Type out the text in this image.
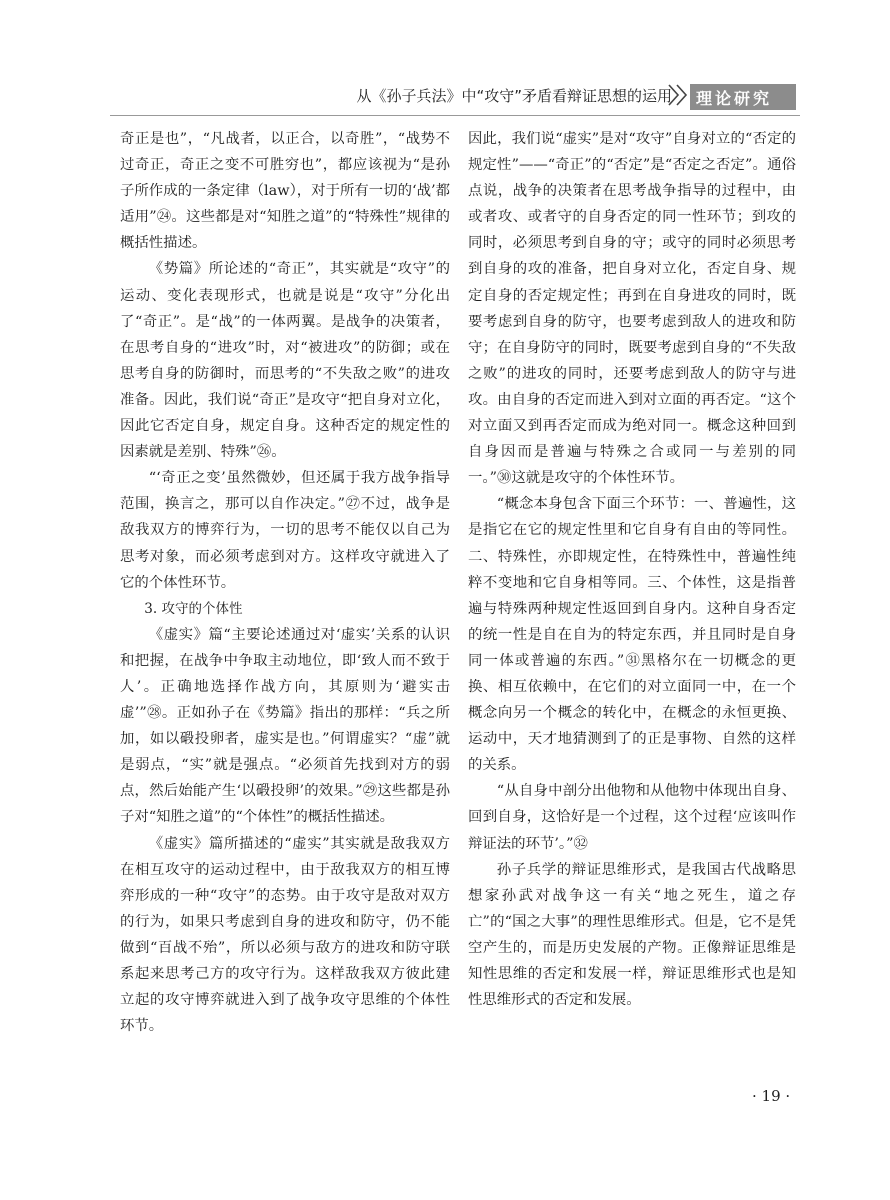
从《孙子兵法》中“攻守”矛盾看辩证思想的运用 理论研究

奇正是也”，“凡战者，以正合，以奇胜”，“战势不过奇正，奇正之变不可胜穷也”，都应该视为“是孙子所作成的一条定律（law），对于所有一切的‘战’都适用”㉔。这些都是对“知胜之道”的“特殊性”规律的概括性描述。

《势篇》所论述的“奇正”，其实就是“攻守”的运动、变化表现形式，也就是说是“攻守”分化出了“奇正”。是“战”的一体两翼。是战争的决策者，在思考自身的“进攻”时，对“被进攻”的防御；或在思考自身的防御时，而思考的“不失敌之败”的进攻准备。因此，我们说“奇正”是攻守“把自身对立化，因此它否定自身，规定自身。这种否定的规定性的因素就是差别、特殊”㉖。

“‘奇正之变’虽然微妙，但还属于我方战争指导范围，换言之，那可以自作决定。”㉗不过，战争是敌我双方的博弈行为，一切的思考不能仅以自己为思考对象，而必须考虑到对方。这样攻守就进入了它的个体性环节。

3. 攻守的个体性

《虚实》篇“主要论述通过对‘虚实’关系的认识和把握，在战争中争取主动地位，即‘致人而不致于人’。正确地选择作战方向，其原则为‘避实击虚’”㉘。正如孙子在《势篇》指出的那样：“兵之所加，如以碫投卵者，虚实是也。”何谓虚实？“虚”就是弱点，“实”就是强点。“必须首先找到对方的弱点，然后始能产生‘以碫投卵’的效果。”㉙这些都是孙子对“知胜之道”的“个体性”的概括性描述。

《虚实》篇所描述的“虚实”其实就是敌我双方在相互攻守的运动过程中，由于敌我双方的相互博弈形成的一种“攻守”的态势。由于攻守是敌对双方的行为，如果只考虑到自身的进攻和防守，仍不能做到“百战不殆”，所以必须与敌方的进攻和防守联系起来思考己方的攻守行为。这样敌我双方彼此建立起的攻守博弈就进入到了战争攻守思维的个体性环节。

因此，我们说“虚实”是对“攻守”自身对立的“否定的规定性”——“奇正”的“否定”是“否定之否定”。通俗点说，战争的决策者在思考战争指导的过程中，由或者攻、或者守的自身否定的同一性环节；到攻的同时，必须思考到自身的守；或守的同时必须思考到自身的攻的准备，把自身对立化，否定自身、规定自身的否定规定性；再到在自身进攻的同时，既要考虑到自身的防守，也要考虑到敌人的进攻和防守；在自身防守的同时，既要考虑到自身的“不失敌之败”的进攻的同时，还要考虑到敌人的防守与进攻。由自身的否定而进入到对立面的再否定。“这个对立面又到再否定而成为绝对同一。概念这种回到自身因而是普遍与特殊之合或同一与差别的同一。”㉚这就是攻守的个体性环节。

“概念本身包含下面三个环节：一、普遍性，这是指它在它的规定性里和它自身有自由的等同性。二、特殊性，亦即规定性，在特殊性中，普遍性纯粹不变地和它自身相等同。三、个体性，这是指普遍与特殊两种规定性返回到自身内。这种自身否定的统一性是自在自为的特定东西，并且同时是自身同一体或普遍的东西。”㉛黑格尔在一切概念的更换、相互依赖中，在它们的对立面同一中，在一个概念向另一个概念的转化中，在概念的永恒更换、运动中，天才地猜测到了的正是事物、自然的这样的关系。

“从自身中剖分出他物和从他物中体现出自身、回到自身，这恰好是一个过程，这个过程‘应该叫作辩证法的环节’。”㉜

孙子兵学的辩证思维形式，是我国古代战略思想家孙武对战争这一有关“地之死生，道之存亡”的“国之大事”的理性思维形式。但是，它不是凭空产生的，而是历史发展的产物。正像辩证思维是知性思维的否定和发展一样，辩证思维形式也是知性思维形式的否定和发展。

· 19 ·
